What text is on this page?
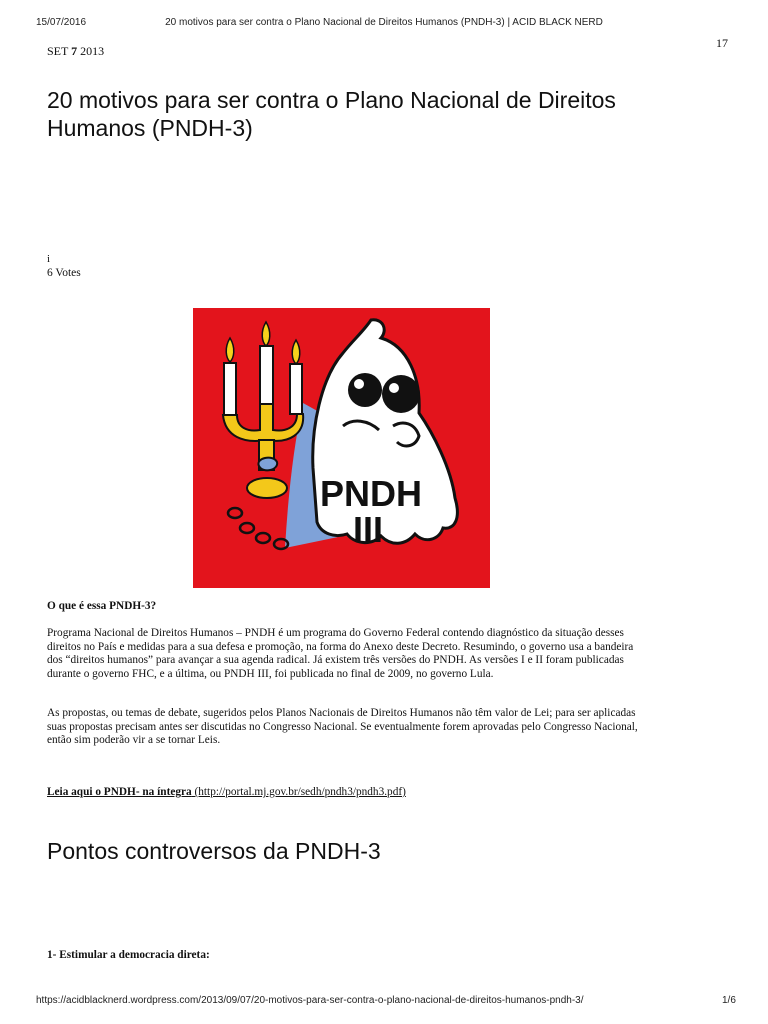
15/07/2016	20 motivos para ser contra o Plano Nacional de Direitos Humanos (PNDH-3) | ACID BLACK NERD
SET 7 2013
17
20 motivos para ser contra o Plano Nacional de Direitos Humanos (PNDH-3)
i
6 Votes
PNDH
III

O que é essa PNDH-3?

Programa Nacional de Direitos Humanos – PNDH é um programa do Governo Federal contendo diagnóstico da situação desses direitos no País e medidas para a sua defesa e promoção, na forma do Anexo deste Decreto. Resumindo, o governo usa a bandeira dos “direitos humanos” para avançar a sua agenda radical. Já existem três versões do PNDH. As versões I e II foram publicadas durante o governo FHC, e a última, ou PNDH III, foi publicada no final de 2009, no governo Lula.

As propostas, ou temas de debate, sugeridos pelos Planos Nacionais de Direitos Humanos não têm valor de Lei; para ser aplicadas suas propostas precisam antes ser discutidas no Congresso Nacional. Se eventualmente forem aprovadas pelo Congresso Nacional, então sim poderão vir a se tornar Leis.

Leia aqui o PNDH- na íntegra (http://portal.mj.gov.br/sedh/pndh3/pndh3.pdf)

Pontos controversos da PNDH-3
1- Estimular a democracia direta:
https://acidblacknerd.wordpress.com/2013/09/07/20-motivos-para-ser-contra-o-plano-nacional-de-direitos-humanos-pndh-3/	1/6
